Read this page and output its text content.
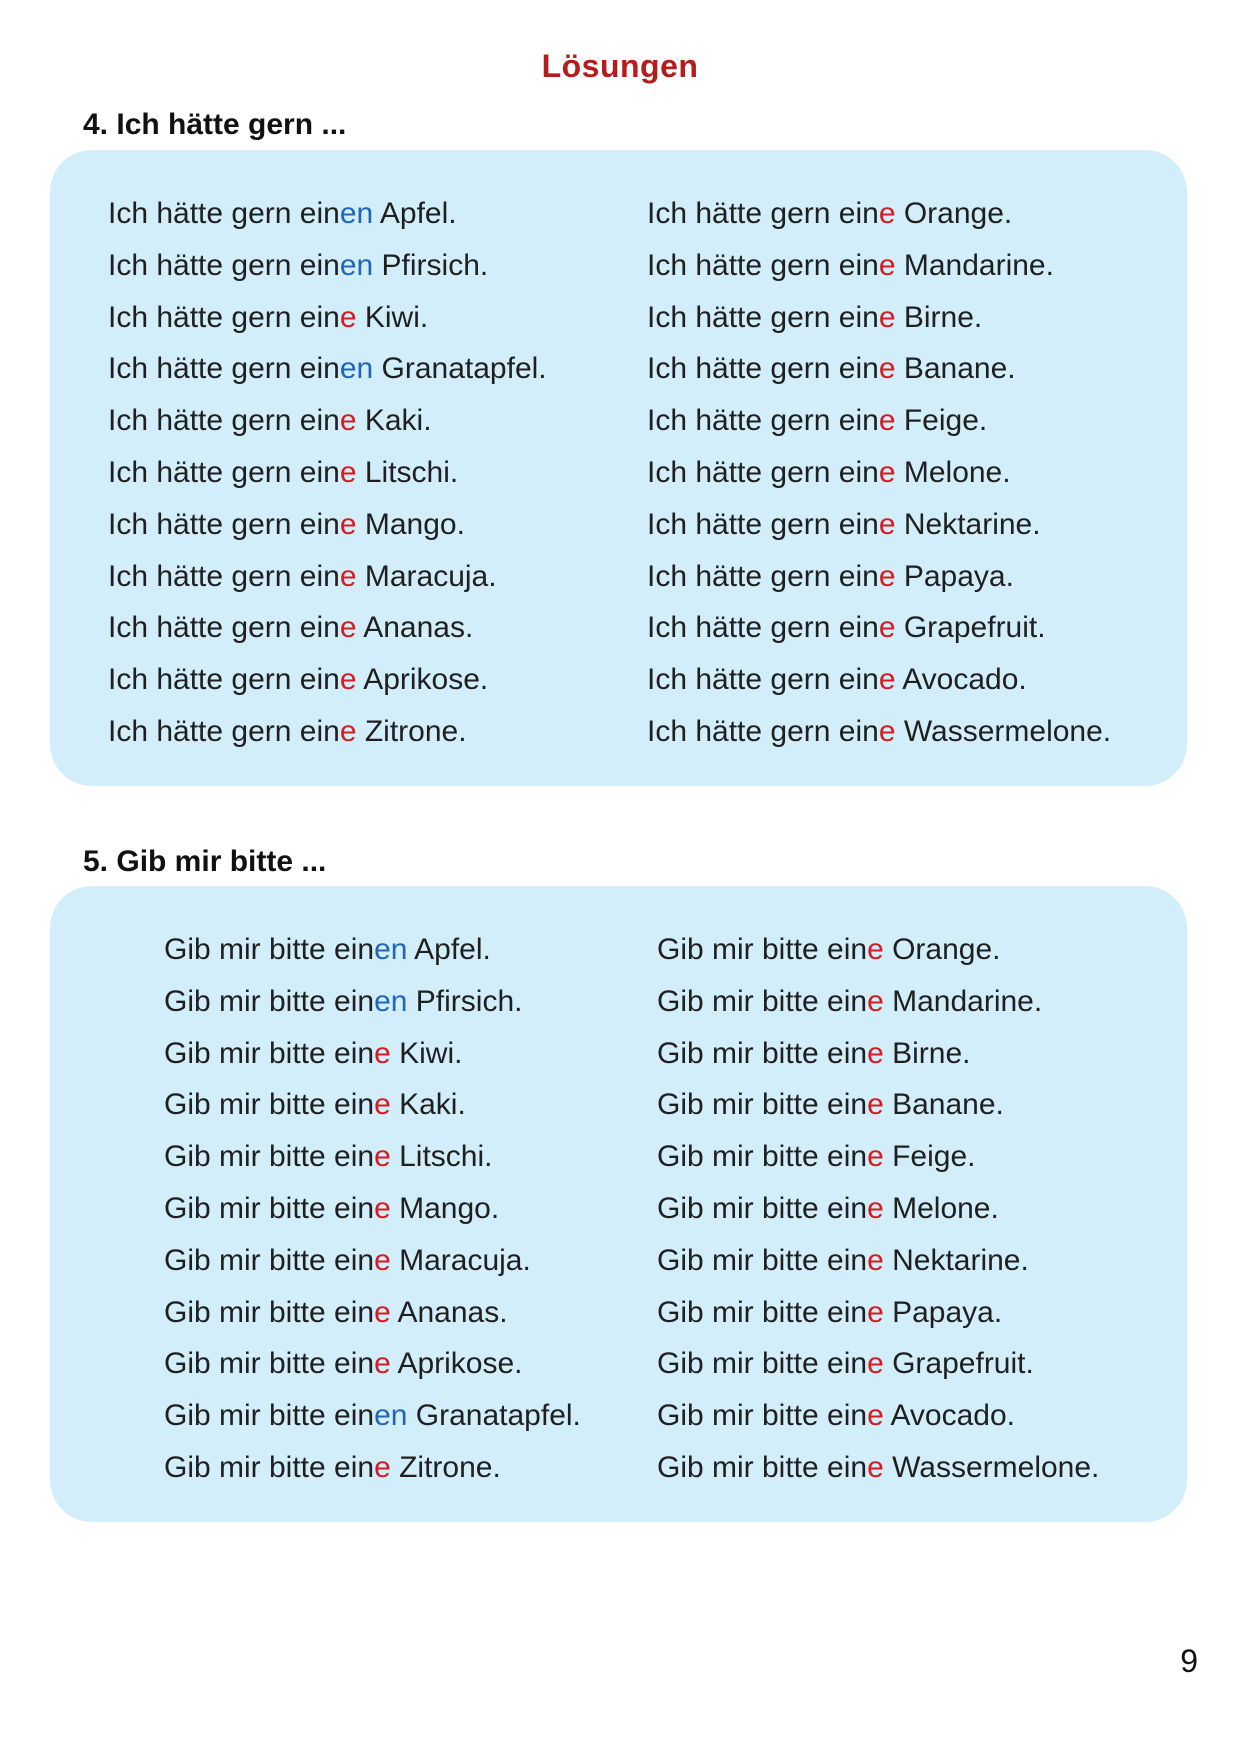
Lösungen
4. Ich hätte gern ...
Ich hätte gern einen Apfel.
Ich hätte gern einen Pfirsich.
Ich hätte gern eine Kiwi.
Ich hätte gern einen Granatapfel.
Ich hätte gern eine Kaki.
Ich hätte gern eine Litschi.
Ich hätte gern eine Mango.
Ich hätte gern eine Maracuja.
Ich hätte gern eine Ananas.
Ich hätte gern eine Aprikose.
Ich hätte gern eine Zitrone.
Ich hätte gern eine Orange.
Ich hätte gern eine Mandarine.
Ich hätte gern eine Birne.
Ich hätte gern eine Banane.
Ich hätte gern eine Feige.
Ich hätte gern eine Melone.
Ich hätte gern eine Nektarine.
Ich hätte gern eine Papaya.
Ich hätte gern eine Grapefruit.
Ich hätte gern eine Avocado.
Ich hätte gern eine Wassermelone.
5. Gib mir bitte ...
Gib mir bitte einen Apfel.
Gib mir bitte einen Pfirsich.
Gib mir bitte eine Kiwi.
Gib mir bitte eine Kaki.
Gib mir bitte eine Litschi.
Gib mir bitte eine Mango.
Gib mir bitte eine Maracuja.
Gib mir bitte eine Ananas.
Gib mir bitte eine Aprikose.
Gib mir bitte einen Granatapfel.
Gib mir bitte eine Zitrone.
Gib mir bitte eine Orange.
Gib mir bitte eine Mandarine.
Gib mir bitte eine Birne.
Gib mir bitte eine Banane.
Gib mir bitte eine Feige.
Gib mir bitte eine Melone.
Gib mir bitte eine Nektarine.
Gib mir bitte eine Papaya.
Gib mir bitte eine Grapefruit.
Gib mir bitte eine Avocado.
Gib mir bitte eine Wassermelone.
9
